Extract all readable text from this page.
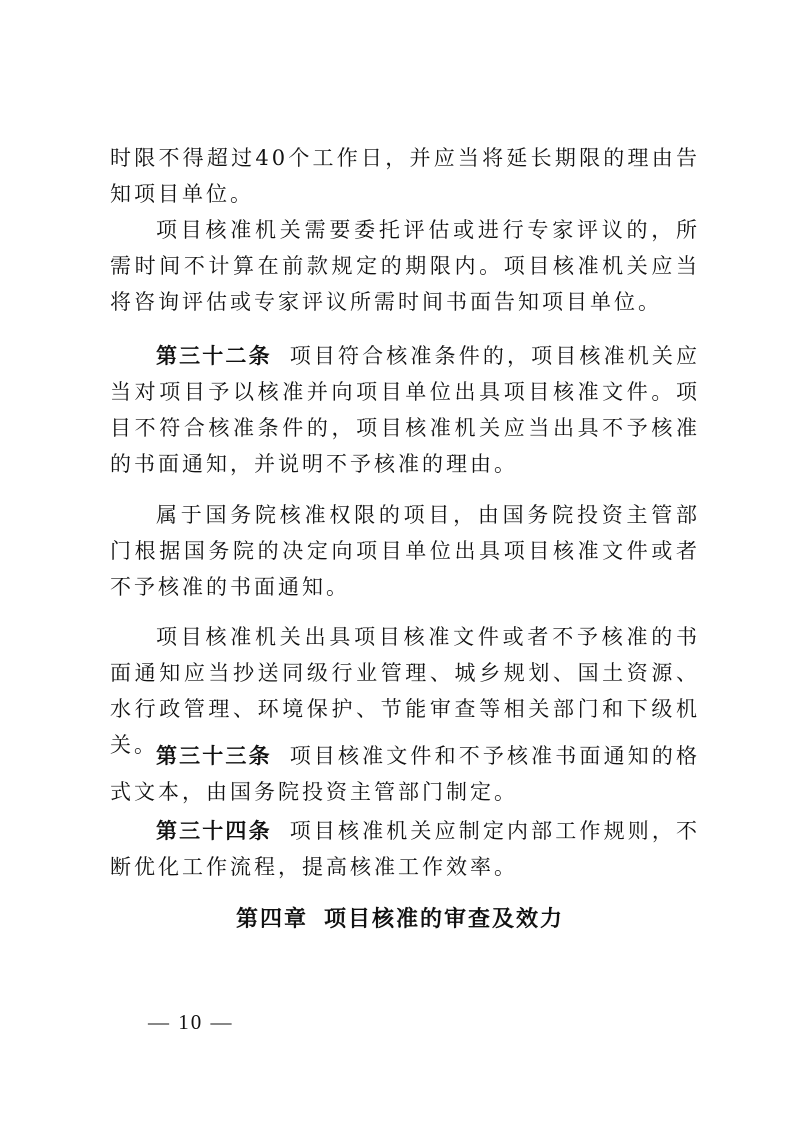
时限不得超过40个工作日，并应当将延长期限的理由告知项目单位。

项目核准机关需要委托评估或进行专家评议的，所需时间不计算在前款规定的期限内。项目核准机关应当将咨询评估或专家评议所需时间书面告知项目单位。

第三十二条 项目符合核准条件的，项目核准机关应当对项目予以核准并向项目单位出具项目核准文件。项目不符合核准条件的，项目核准机关应当出具不予核准的书面通知，并说明不予核准的理由。

属于国务院核准权限的项目，由国务院投资主管部门根据国务院的决定向项目单位出具项目核准文件或者不予核准的书面通知。

项目核准机关出具项目核准文件或者不予核准的书面通知应当抄送同级行业管理、城乡规划、国土资源、水行政管理、环境保护、节能审查等相关部门和下级机关。

第三十三条 项目核准文件和不予核准书面通知的格式文本，由国务院投资主管部门制定。

第三十四条 项目核准机关应制定内部工作规则，不断优化工作流程，提高核准工作效率。

第四章 项目核准的审查及效力
— 10 —
